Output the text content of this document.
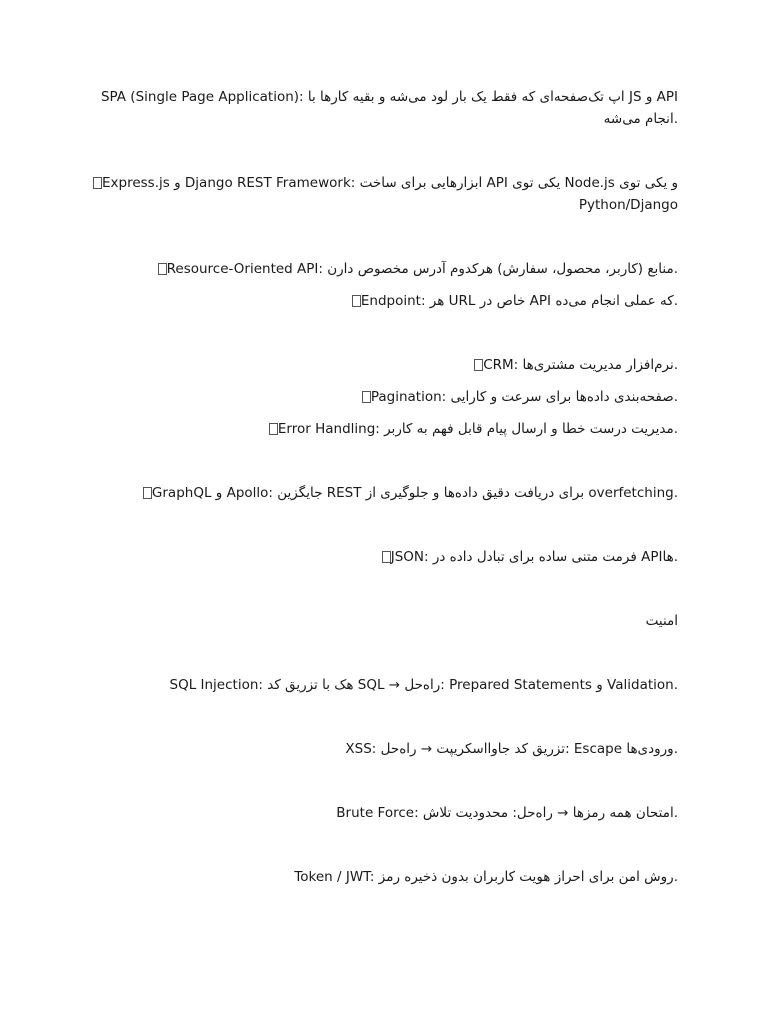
SPA (Single Page Application): اپ تک‌صفحه‌ای که فقط یک بار لود می‌شه و بقیه کارها با JS و API انجام می‌شه.

Express.js و Django REST Framework: ابزارهایی برای ساخت API یکی توی Node.js و یکی توی Python/Django

Resource-Oriented API: منابع (کاربر، محصول، سفارش) هرکدوم آدرس مخصوص دارن.

Endpoint: هر URL خاص در API که عملی انجام می‌ده.

CRM: نرم‌افزار مدیریت مشتری‌ها.

Pagination: صفحه‌بندی داده‌ها برای سرعت و کارایی.

Error Handling: مدیریت درست خطا و ارسال پیام قابل فهم به کاربر.

GraphQL و Apollo: جایگزین REST برای دریافت دقیق داده‌ها و جلوگیری از overfetching.

JSON: فرمت متنی ساده برای تبادل داده در APIها.

امنیت

SQL Injection: هک با تزریق کد SQL → راه‌حل: Prepared Statements و Validation.

XSS: تزریق کد جاوااسکریپت → راه‌حل: Escape ورودی‌ها.

Brute Force: امتحان همه رمزها → راه‌حل: محدودیت تلاش.

Token / JWT: روش امن برای احراز هویت کاربران بدون ذخیره رمز.
